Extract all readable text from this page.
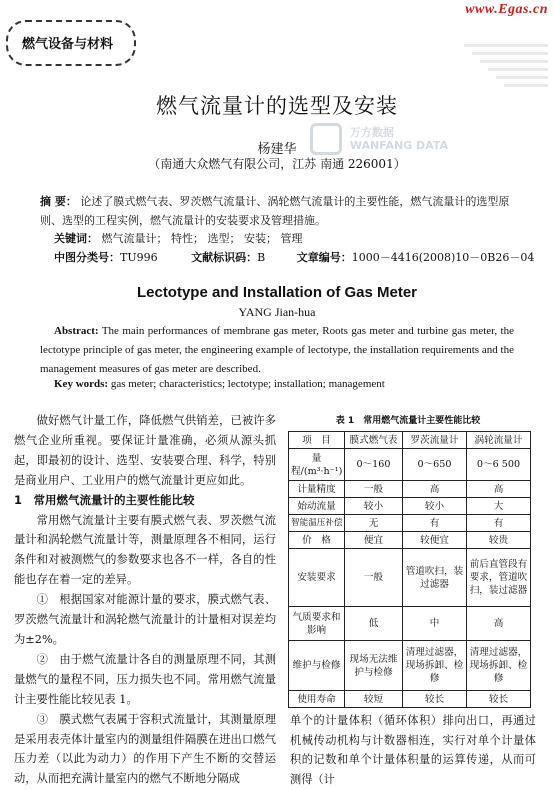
www.Egas.cn
燃气设备与材料
燃气流量计的选型及安装
杨建华
（南通大众燃气有限公司，江苏 南通 226001）
万方数据
WANFANG DATA
摘 要： 论述了膜式燃气表、罗茨燃气流量计、涡轮燃气流量计的主要性能，燃气流量计的选型原则、选型的工程实例，燃气流量计的安装要求及管理措施。
关键词： 燃气流量计； 特性； 选型； 安装； 管理
中图分类号：TU996	文献标识码：B	文章编号：1000－4416(2008)10－0B26－04
Lectotype and Installation of Gas Meter
YANG Jian-hua
Abstract: The main performances of membrane gas meter, Roots gas meter and turbine gas meter, the lectotype principle of gas meter, the engineering example of lectotype, the installation requirements and the management measures of gas meter are described.
Key words: gas meter; characteristics; lectotype; installation; management

做好燃气计量工作，降低燃气供销差，已被许多燃气企业所重视。要保证计量准确，必须从源头抓起，即最初的设计、选型、安装要合理、科学，特别是商业用户、工业用户的燃气流量计更应如此。

1　常用燃气流量计的主要性能比较

常用燃气流量计主要有膜式燃气表、罗茨燃气流量计和涡轮燃气流量计等，测量原理各不相同，运行条件和对被测燃气的参数要求也各不一样，各自的性能也存在着一定的差异。

①　根据国家对能源计量的要求，膜式燃气表、罗茨燃气流量计和涡轮燃气流量计的计量相对误差均为±2%。

②　由于燃气流量计各自的测量原理不同，其测量燃气的量程不同，压力损失也不同。常用燃气流量计主要性能比较见表 1。

③　膜式燃气表属于容积式流量计，其测量原理是采用表壳体计量室内的测量组件隔膜在进出口燃气压力差（以此为动力）的作用下产生不断的交替运动，从而把充满计量室内的燃气不断地分隔成

表 1　常用燃气流量计主要性能比较
项　目	膜式燃气表	罗茨流量计	涡轮流量计
量程/(m³·h⁻¹)	0～160	0～650	0～6 500
计量精度	一般	高	高
始动流量	较小	较小	大
智能温压补偿	无	有	有
价　格	便宜	较便宜	较贵
安装要求	一般	管道吹扫，装过滤器	前后直管段有要求，管道吹扫，装过滤器
气质要求和影响	低	中	高
维护与检修	现场无法维护与检修	清理过滤器，现场拆卸、检修	清理过滤器，现场拆卸、检修
使用寿命	较短	较长	较长
单个的计量体积（循环体积）排向出口，再通过机械传动机构与计数器相连，实行对单个计量体积的记数和单个计量体积量的运算传递，从而可测得（计
